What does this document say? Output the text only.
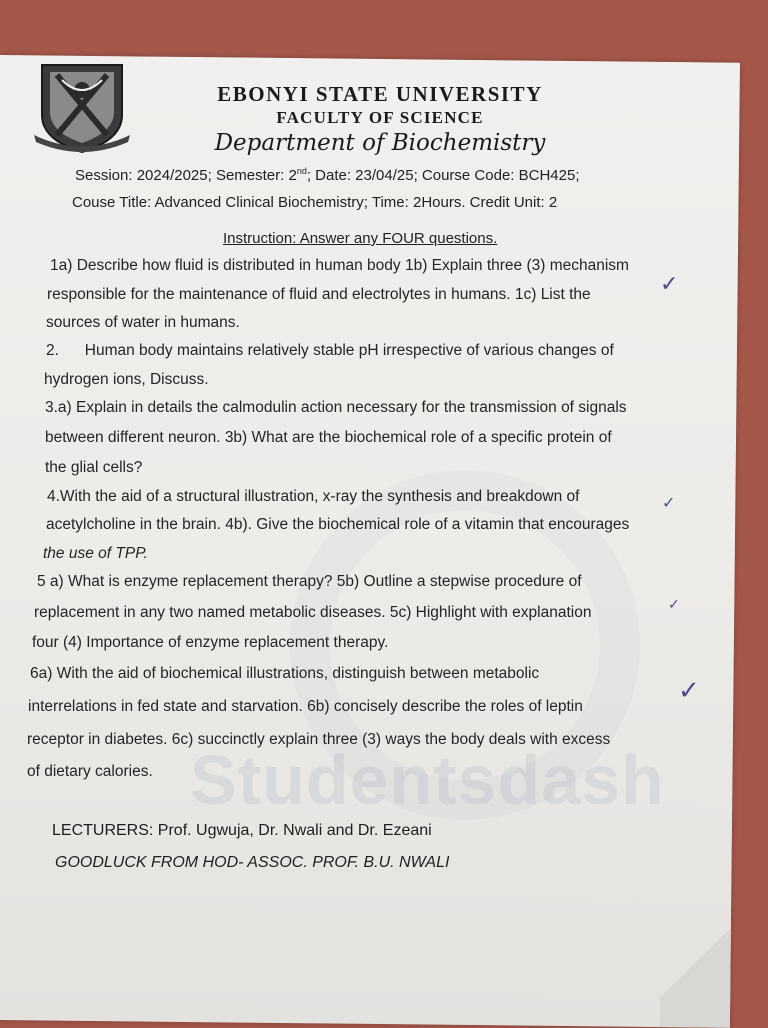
EBONYI STATE UNIVERSITY
FACULTY OF SCIENCE
Department of Biochemistry
Session: 2024/2025; Semester: 2nd; Date: 23/04/25; Course Code: BCH425;
Couse Title: Advanced Clinical Biochemistry; Time: 2Hours. Credit Unit: 2
Instruction: Answer any FOUR questions.
Studentsdash
1a) Describe how fluid is distributed in human body 1b) Explain three (3) mechanism
responsible for the maintenance of fluid and electrolytes in humans. 1c) List the
sources of water in humans.
2.      Human body maintains relatively stable pH irrespective of various changes of
hydrogen ions, Discuss.
3.a) Explain in details the calmodulin action necessary for the transmission of signals
between different neuron. 3b) What are the biochemical role of a specific protein of
the glial cells?
4.With the aid of a structural illustration, x-ray the synthesis and breakdown of
acetylcholine in the brain. 4b). Give the biochemical role of a vitamin that encourages
the use of TPP.
5 a) What is enzyme replacement therapy? 5b) Outline a stepwise procedure of
replacement in any two named metabolic diseases. 5c) Highlight with explanation
four (4) Importance of enzyme replacement therapy.
6a) With the aid of biochemical illustrations, distinguish between metabolic
interrelations in fed state and starvation. 6b) concisely describe the roles of leptin
receptor in diabetes. 6c) succinctly explain three (3) ways the body deals with excess
of dietary calories.
✓
✓
✓
✓
LECTURERS: Prof. Ugwuja, Dr. Nwali and Dr. Ezeani
GOODLUCK FROM HOD- ASSOC. PROF. B.U. NWALI
